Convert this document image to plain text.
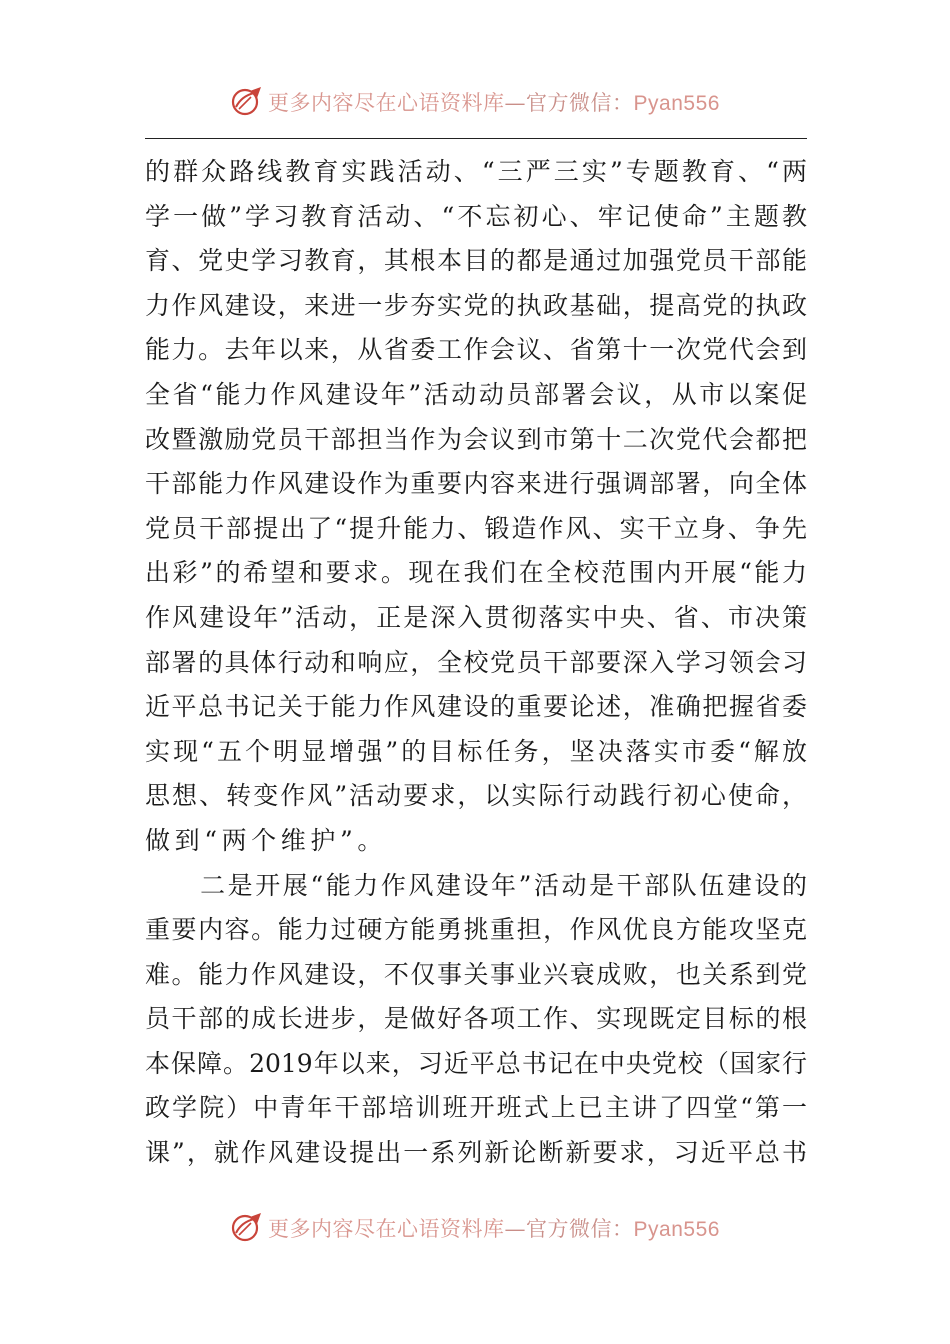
更多内容尽在心语资料库—官方微信：Pyan556
的群众路线教育实践活动、“三严三实”专题教育、“两
学一做”学习教育活动、“不忘初心、牢记使命”主题教
育、党史学习教育，其根本目的都是通过加强党员干部能
力作风建设，来进一步夯实党的执政基础，提高党的执政
能力。去年以来，从省委工作会议、省第十一次党代会到
全省“能力作风建设年”活动动员部署会议，从市以案促
改暨激励党员干部担当作为会议到市第十二次党代会都把
干部能力作风建设作为重要内容来进行强调部署，向全体
党员干部提出了“提升能力、锻造作风、实干立身、争先
出彩”的希望和要求。现在我们在全校范围内开展“能力
作风建设年”活动，正是深入贯彻落实中央、省、市决策
部署的具体行动和响应，全校党员干部要深入学习领会习
近平总书记关于能力作风建设的重要论述，准确把握省委
实现“五个明显增强”的目标任务，坚决落实市委“解放
思想、转变作风”活动要求，以实际行动践行初心使命，
做到“两个维护”。
　　二是开展“能力作风建设年”活动是干部队伍建设的
重要内容。能力过硬方能勇挑重担，作风优良方能攻坚克
难。能力作风建设，不仅事关事业兴衰成败，也关系到党
员干部的成长进步，是做好各项工作、实现既定目标的根
本保障。2019年以来，习近平总书记在中央党校（国家行
政学院）中青年干部培训班开班式上已主讲了四堂“第一
课”，就作风建设提出一系列新论断新要求，习近平总书
更多内容尽在心语资料库—官方微信：Pyan556
